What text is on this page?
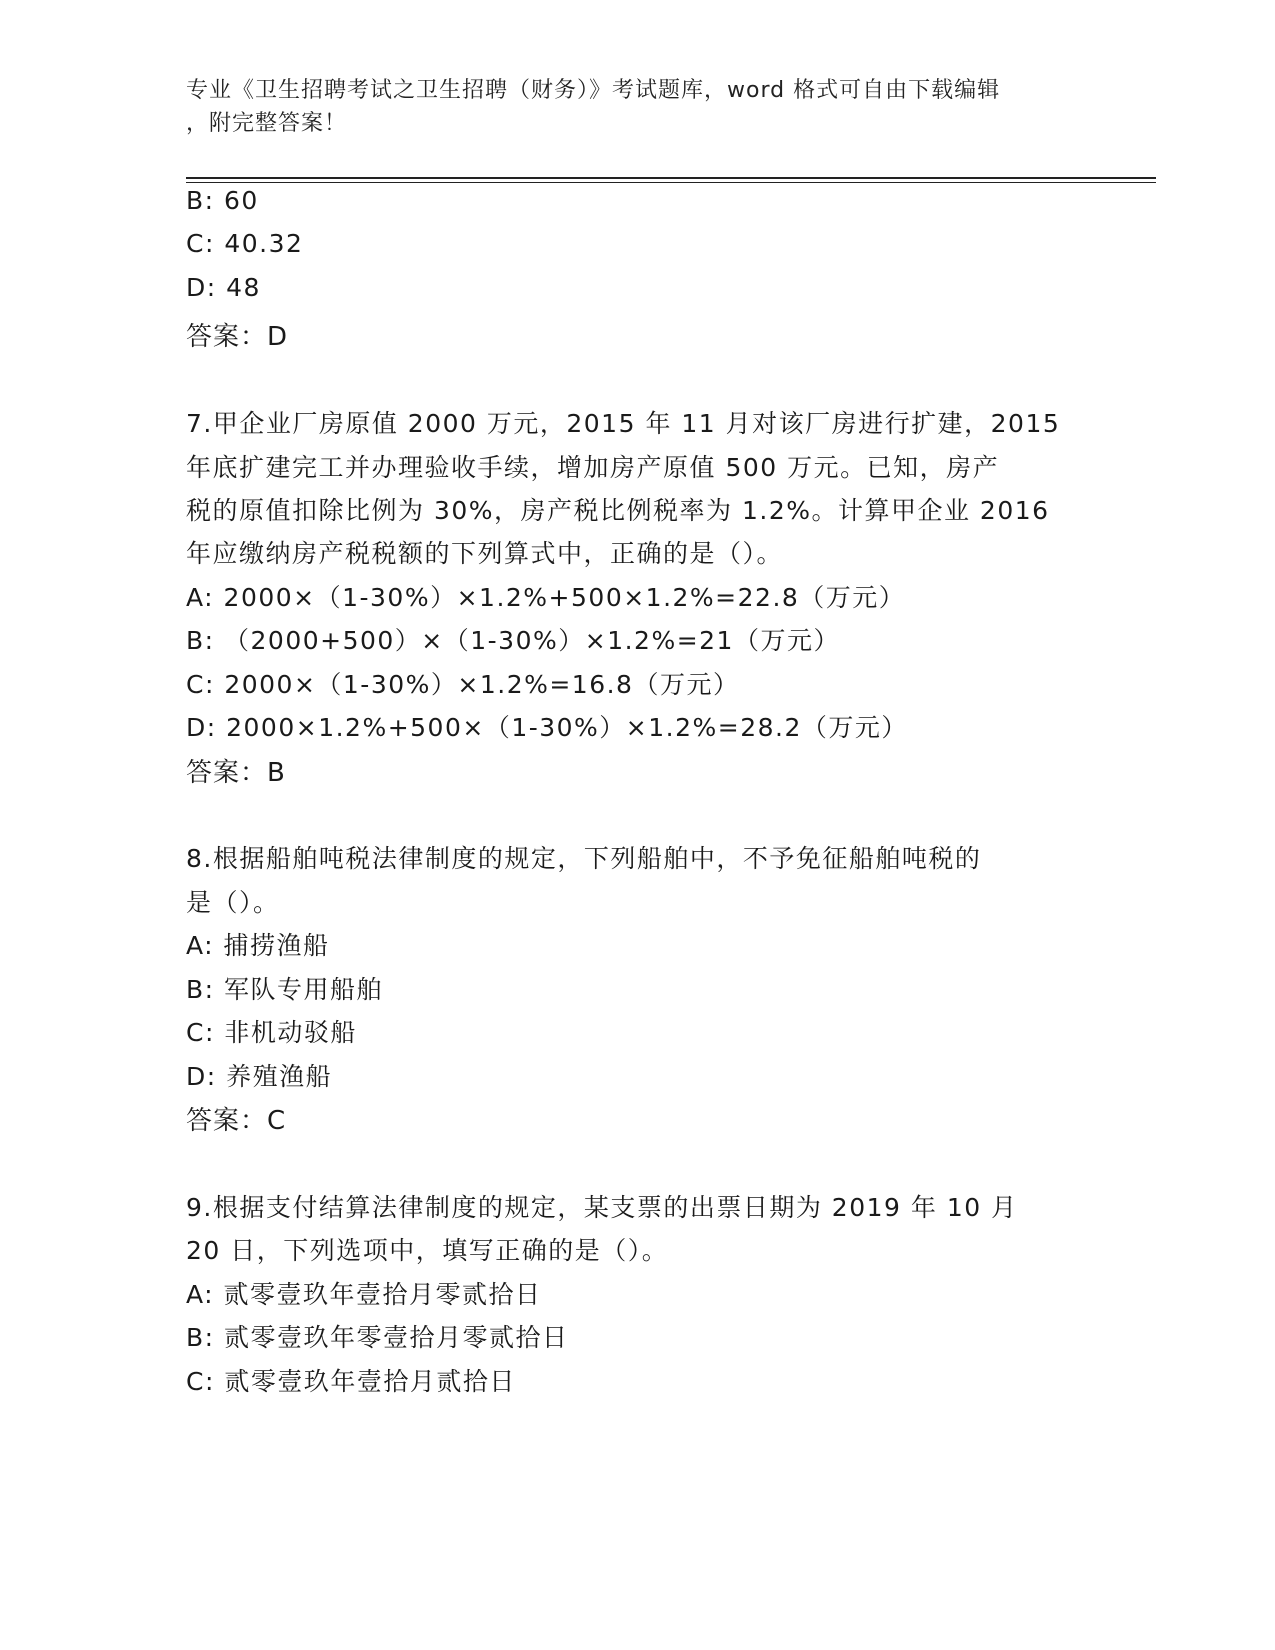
专业《卫生招聘考试之卫生招聘（财务）》考试题库，word 格式可自由下载编辑
，附完整答案！
B: 60
C: 40.32
D: 48
答案：D
7.甲企业厂房原值 2000 万元，2015 年 11 月对该厂房进行扩建，2015
年底扩建完工并办理验收手续，增加房产原值 500 万元。已知，房产
税的原值扣除比例为 30%，房产税比例税率为 1.2%。计算甲企业 2016
年应缴纳房产税税额的下列算式中，正确的是（）。
A: 2000×（1-30%）×1.2%+500×1.2%=22.8（万元）
B: （2000+500）×（1-30%）×1.2%=21（万元）
C: 2000×（1-30%）×1.2%=16.8（万元）
D: 2000×1.2%+500×（1-30%）×1.2%=28.2（万元）
答案：B
8.根据船舶吨税法律制度的规定，下列船舶中，不予免征船舶吨税的
是（）。
A: 捕捞渔船
B: 军队专用船舶
C: 非机动驳船
D: 养殖渔船
答案：C
9.根据支付结算法律制度的规定，某支票的出票日期为 2019 年 10 月
20 日，下列选项中，填写正确的是（）。
A: 贰零壹玖年壹拾月零贰拾日
B: 贰零壹玖年零壹拾月零贰拾日
C: 贰零壹玖年壹拾月贰拾日
